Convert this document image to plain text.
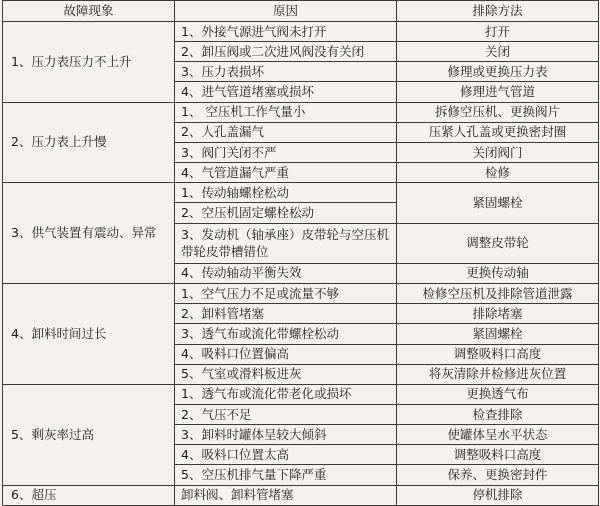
故障现象	原因	排除方法
1、压力表压力不上升	1、外接气源进气阀未打开	打开
	2、卸压阀或二次进风阀没有关闭	关闭
	3、压力表损坏	修理或更换压力表
	4、进气管道堵塞或损坏	修理进气管道
2、压力表上升慢	1、 空压机工作气量小	拆修空压机、更换阀片
	2、人孔盖漏气	压紧人孔盖或更换密封圈
	3、阀门关闭不严	关闭阀门
	4、气管道漏气严重	检修
3、供气装置有震动、异常	1、传动轴螺栓松动	紧固螺栓
	2、空压机固定螺栓松动	
	3、发动机（轴承座）皮带轮与空压机带轮皮带槽错位	调整皮带轮
	4、传动轴动平衡失效	更换传动轴
4、卸料时间过长	1、空气压力不足或流量不够	检修空压机及排除管道泄露
	2、卸料管堵塞	排除堵塞
	3、透气布或流化带螺栓松动	紧固螺栓
	4、吸料口位置偏高	调整吸料口高度
	5、气室或滑料板进灰	将灰清除并检修进灰位置
5、剩灰率过高	1、透气布或流化带老化或损坏	更换透气布
	2、气压不足	检查排除
	3、卸料时罐体呈较大倾斜	使罐体呈水平状态
	4、吸料口位置太高	调整吸料口高度
	5、空压机排气量下降严重	保养、更换密封件
6、超压	卸料阀、卸料管堵塞	停机排除
